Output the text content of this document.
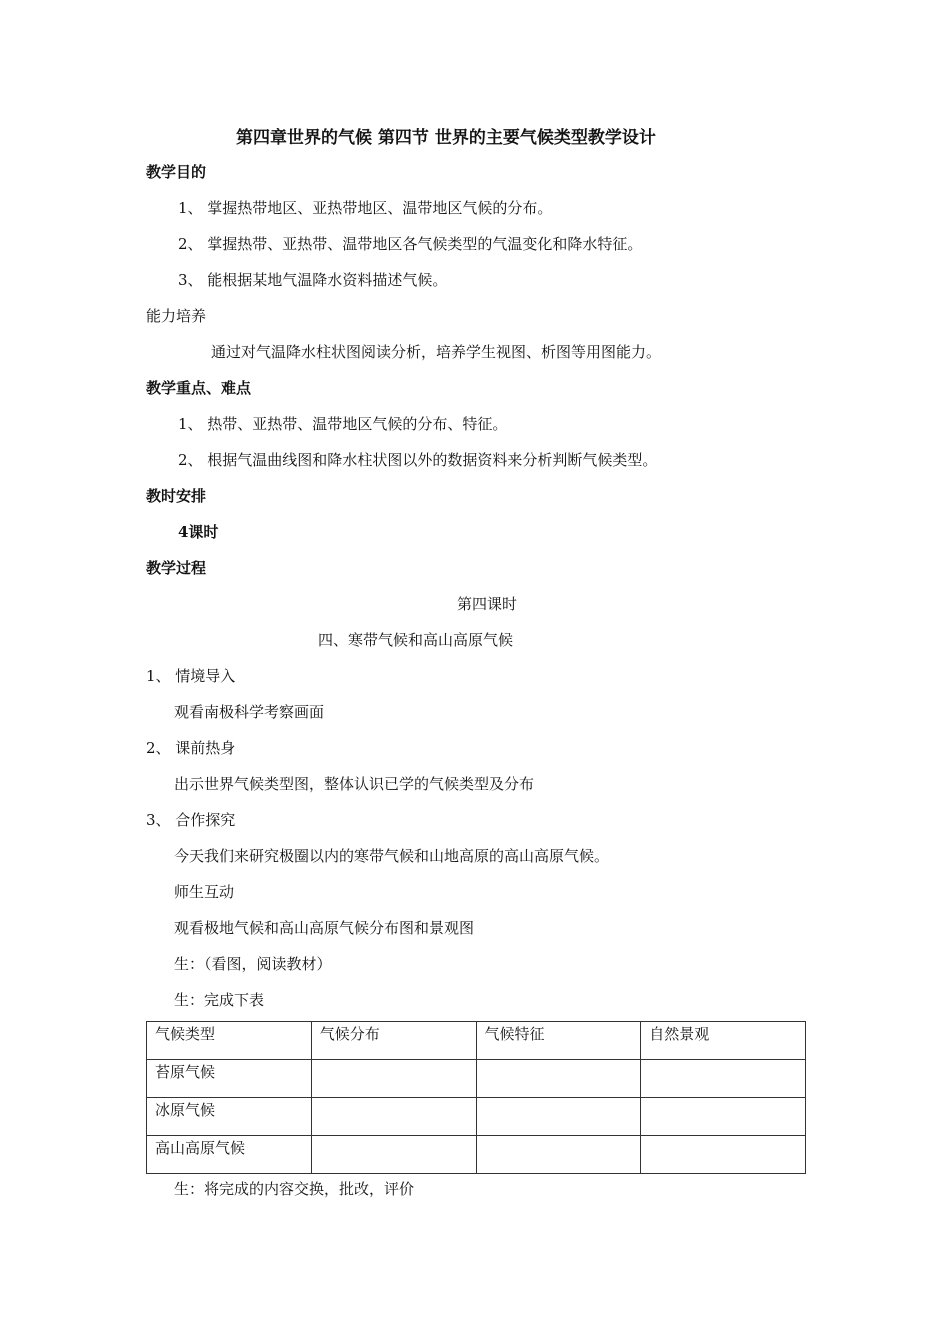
第四章世界的气候 第四节 世界的主要气候类型教学设计
教学目的
1、 掌握热带地区、亚热带地区、温带地区气候的分布。
2、 掌握热带、亚热带、温带地区各气候类型的气温变化和降水特征。
3、 能根据某地气温降水资料描述气候。
能力培养
通过对气温降水柱状图阅读分析，培养学生视图、析图等用图能力。
教学重点、难点
1、 热带、亚热带、温带地区气候的分布、特征。
2、 根据气温曲线图和降水柱状图以外的数据资料来分析判断气候类型。
教时安排
4课时
教学过程
第四课时
四、寒带气候和高山高原气候
1、 情境导入
观看南极科学考察画面
2、 课前热身
出示世界气候类型图，整体认识已学的气候类型及分布
3、 合作探究
今天我们来研究极圈以内的寒带气候和山地高原的高山高原气候。
师生互动
观看极地气候和高山高原气候分布图和景观图
生：（看图，阅读教材）
生：完成下表
气候类型	气候分布	气候特征	自然景观
苔原气候			
冰原气候			
高山高原气候			
生：将完成的内容交换，批改，评价
